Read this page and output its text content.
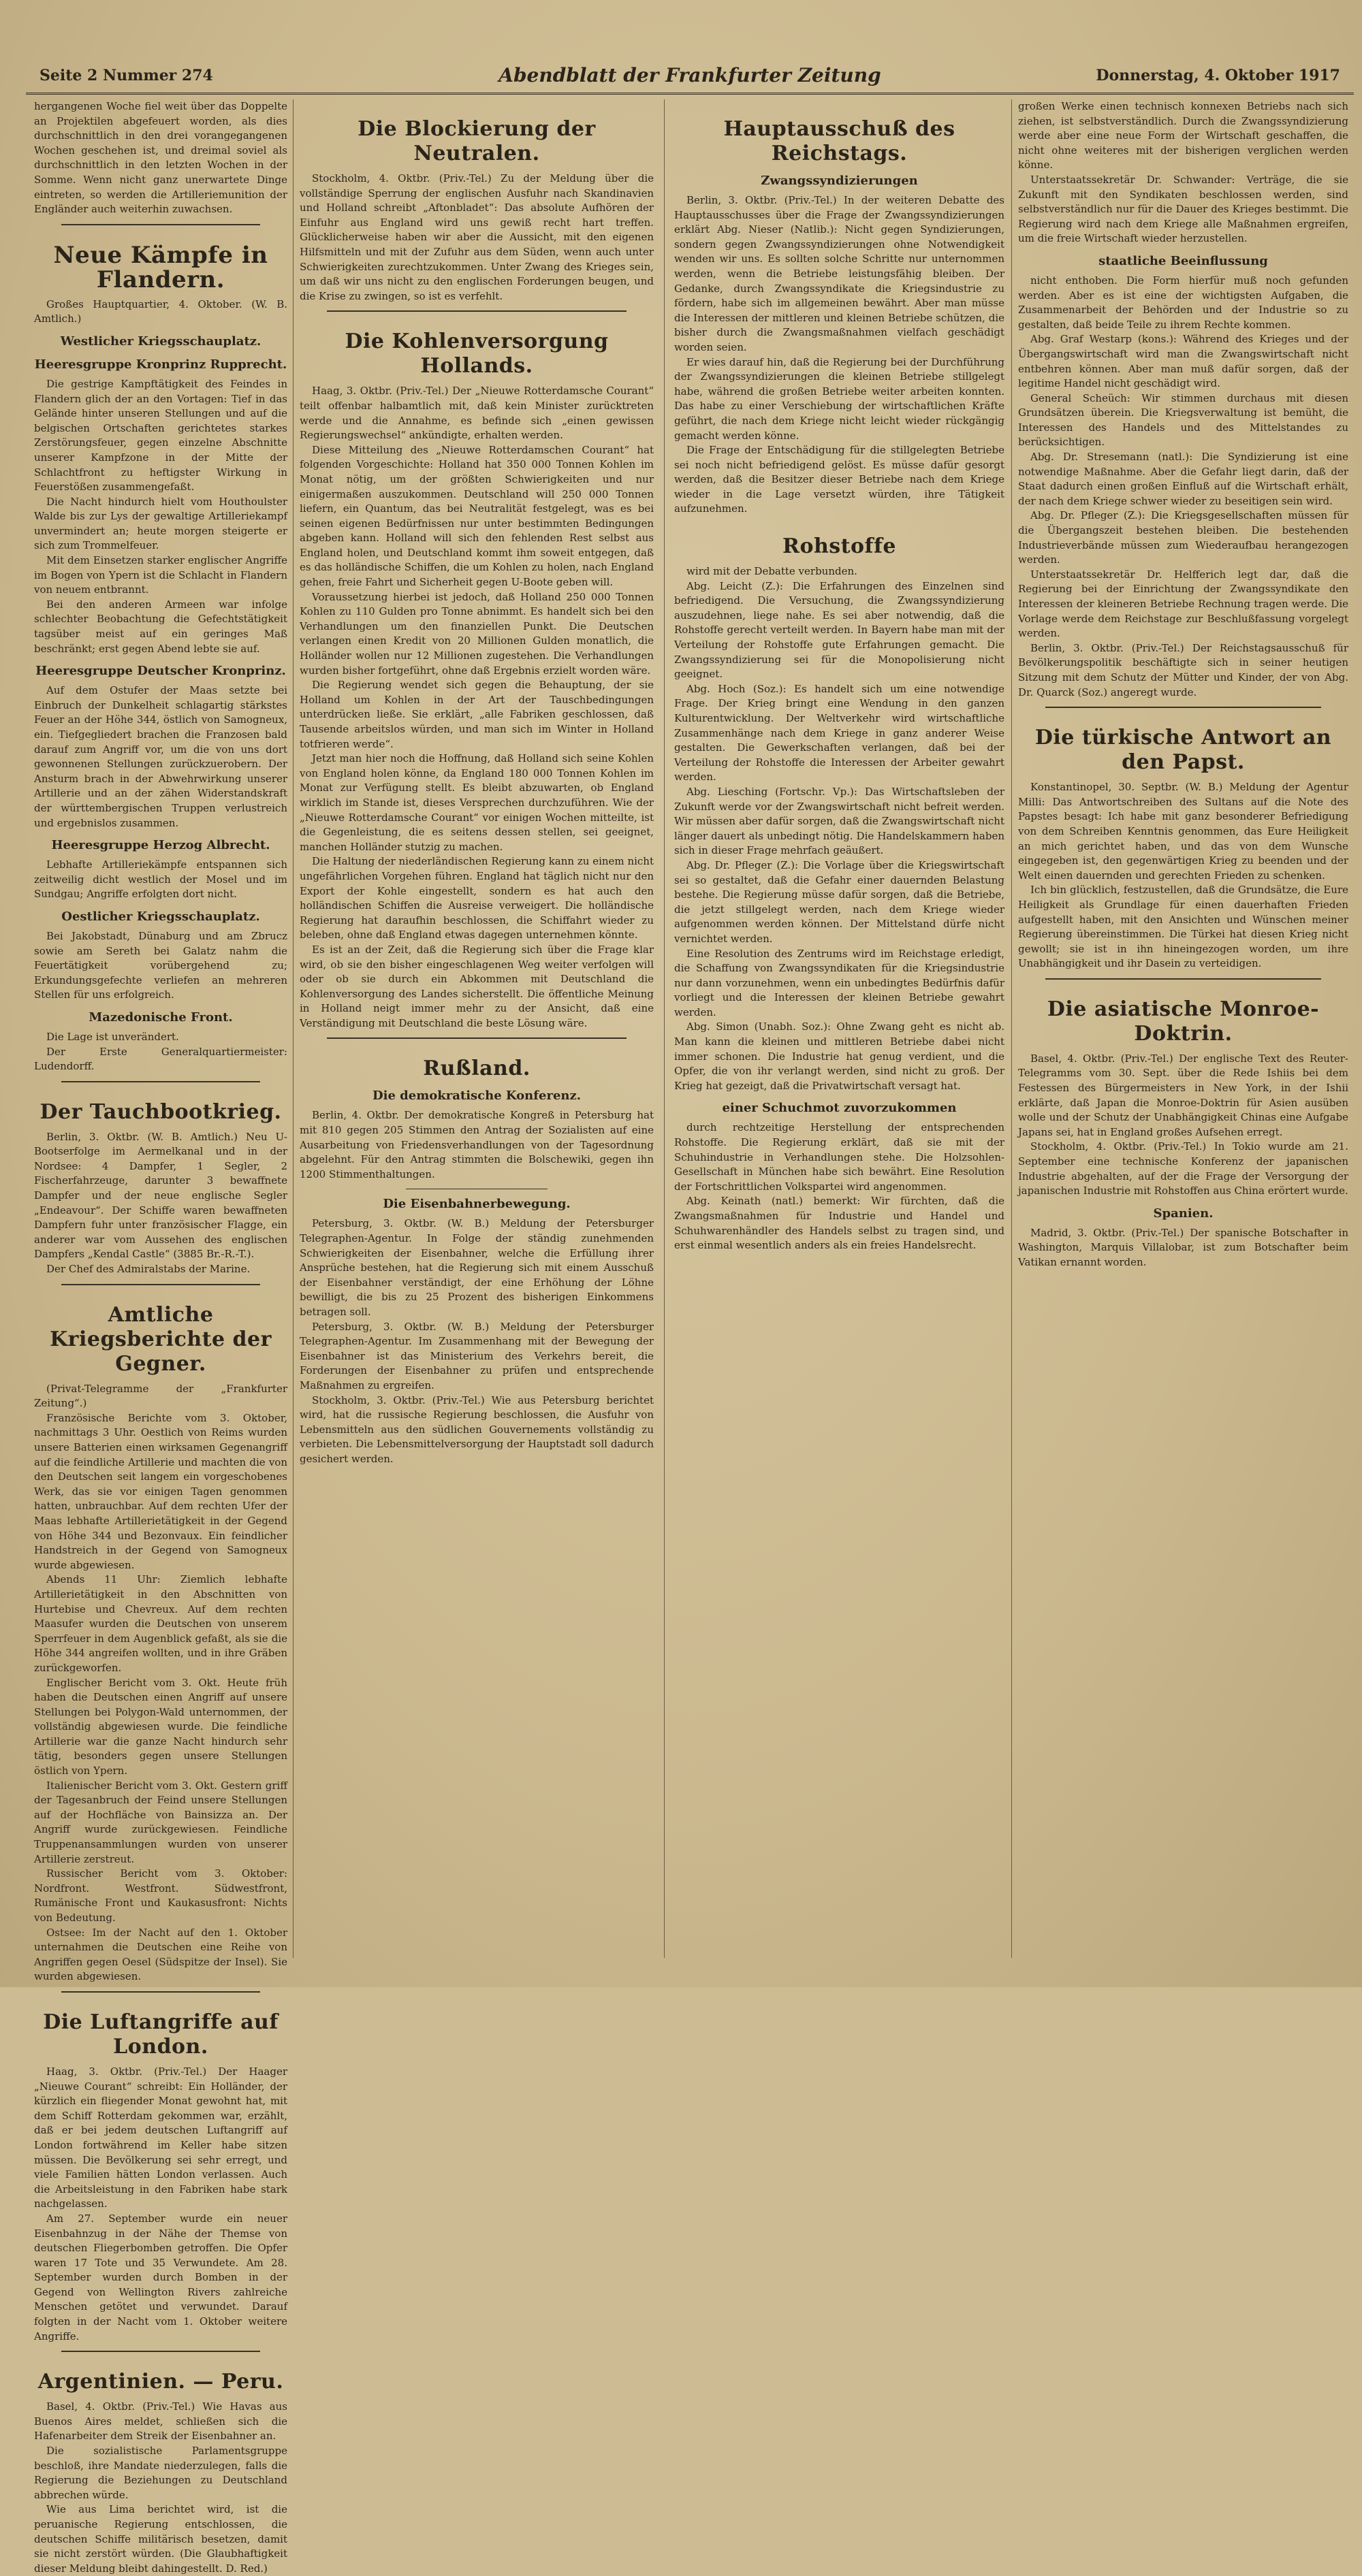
Seite 2 Nummer 274	Abendblatt der Frankfurter Zeitung	Donnerstag, 4. Oktober 1917

hergangenen Woche fiel weit über das Doppelte an Projektilen abgefeuert worden, als dies durchschnittlich in den drei vorangegangenen Wochen geschehen ist, und dreimal soviel als durchschnittlich in den letzten Wochen in der Somme. Wenn nicht ganz unerwartete Dinge eintreten, so werden die Artilleriemunition der Engländer auch weiterhin zuwachsen.

Neue Kämpfe in Flandern.

Großes Hauptquartier, 4. Oktober. (W. B. Amtlich.)

Westlicher Kriegsschauplatz.
Heeresgruppe Kronprinz Rupprecht.

Die gestrige Kampftätigkeit des Feindes in Flandern glich der an den Vortagen: Tief in das Gelände hinter unseren Stellungen und auf die belgischen Ortschaften gerichtetes starkes Zerstörungsfeuer, gegen einzelne Abschnitte unserer Kampfzone in der Mitte der Schlachtfront zu heftigster Wirkung in Feuerstößen zusammengefaßt.

Die Nacht hindurch hielt vom Houthoulster Walde bis zur Lys der gewaltige Artilleriekampf unvermindert an; heute morgen steigerte er sich zum Trommelfeuer.

Mit dem Einsetzen starker englischer Angriffe im Bogen von Ypern ist die Schlacht in Flandern von neuem entbrannt.

Bei den anderen Armeen war infolge schlechter Beobachtung die Gefechtstätigkeit tagsüber meist auf ein geringes Maß beschränkt; erst gegen Abend lebte sie auf.

Heeresgruppe Deutscher Kronprinz.

Auf dem Ostufer der Maas setzte bei Einbruch der Dunkelheit schlagartig stärkstes Feuer an der Höhe 344, östlich von Samogneux, ein. Tiefgegliedert brachen die Franzosen bald darauf zum Angriff vor, um die von uns dort gewonnenen Stellungen zurückzuerobern. Der Ansturm brach in der Abwehrwirkung unserer Artillerie und an der zähen Widerstandskraft der württembergischen Truppen verlustreich und ergebnislos zusammen.

Heeresgruppe Herzog Albrecht.

Lebhafte Artilleriekämpfe entspannen sich zeitweilig dicht westlich der Mosel und im Sundgau; Angriffe erfolgten dort nicht.

Oestlicher Kriegsschauplatz.

Bei Jakobstadt, Dünaburg und am Zbrucz sowie am Sereth bei Galatz nahm die Feuertätigkeit vorübergehend zu; Erkundungsgefechte verliefen an mehreren Stellen für uns erfolgreich.

Mazedonische Front.

Die Lage ist unverändert.

Der Erste Generalquartiermeister: Ludendorff.

Der Tauchbootkrieg.

Berlin, 3. Oktbr. (W. B. Amtlich.) Neu U-Bootserfolge im Aermelkanal und in der Nordsee: 4 Dampfer, 1 Segler, 2 Fischerfahrzeuge, darunter 3 bewaffnete Dampfer und der neue englische Segler „Endeavour“. Der Schiffe waren bewaffneten Dampfern fuhr unter französischer Flagge, ein anderer war vom Aussehen des englischen Dampfers „Kendal Castle“ (3885 Br.-R.-T.).

Der Chef des Admiralstabs der Marine.

Amtliche Kriegsberichte der Gegner.

(Privat-Telegramme der „Frankfurter Zeitung“.)

Französische Berichte vom 3. Oktober, nachmittags 3 Uhr. Oestlich von Reims wurden unsere Batterien einen wirksamen Gegenangriff auf die feindliche Artillerie und machten die von den Deutschen seit langem ein vorgeschobenes Werk, das sie vor einigen Tagen genommen hatten, unbrauchbar. Auf dem rechten Ufer der Maas lebhafte Artillerietätigkeit in der Gegend von Höhe 344 und Bezonvaux. Ein feindlicher Handstreich in der Gegend von Samogneux wurde abgewiesen.

Abends 11 Uhr: Ziemlich lebhafte Artillerietätigkeit in den Abschnitten von Hurtebise und Chevreux. Auf dem rechten Maasufer wurden die Deutschen von unserem Sperrfeuer in dem Augenblick gefaßt, als sie die Höhe 344 angreifen wollten, und in ihre Gräben zurückgeworfen.

Englischer Bericht vom 3. Okt. Heute früh haben die Deutschen einen Angriff auf unsere Stellungen bei Polygon-Wald unternommen, der vollständig abgewiesen wurde. Die feindliche Artillerie war die ganze Nacht hindurch sehr tätig, besonders gegen unsere Stellungen östlich von Ypern.

Italienischer Bericht vom 3. Okt. Gestern griff der Tagesanbruch der Feind unsere Stellungen auf der Hochfläche von Bainsizza an. Der Angriff wurde zurückgewiesen. Feindliche Truppenansammlungen wurden von unserer Artillerie zerstreut.

Russischer Bericht vom 3. Oktober: Nordfront. Westfront. Südwestfront, Rumänische Front und Kaukasusfront: Nichts von Bedeutung.

Ostsee: Im der Nacht auf den 1. Oktober unternahmen die Deutschen eine Reihe von Angriffen gegen Oesel (Südspitze der Insel). Sie wurden abgewiesen.

Die Luftangriffe auf London.

Haag, 3. Oktbr. (Priv.-Tel.) Der Haager „Nieuwe Courant“ schreibt: Ein Holländer, der kürzlich ein fliegender Monat gewohnt hat, mit dem Schiff Rotterdam gekommen war, erzählt, daß er bei jedem deutschen Luftangriff auf London fortwährend im Keller habe sitzen müssen. Die Bevölkerung sei sehr erregt, und viele Familien hätten London verlassen. Auch die Arbeitsleistung in den Fabriken habe stark nachgelassen.

Am 27. September wurde ein neuer Eisenbahnzug in der Nähe der Themse von deutschen Fliegerbomben getroffen. Die Opfer waren 17 Tote und 35 Verwundete. Am 28. September wurden durch Bomben in der Gegend von Wellington Rivers zahlreiche Menschen getötet und verwundet. Darauf folgten in der Nacht vom 1. Oktober weitere Angriffe.

Argentinien. — Peru.

Basel, 4. Oktbr. (Priv.-Tel.) Wie Havas aus Buenos Aires meldet, schließen sich die Hafenarbeiter dem Streik der Eisenbahner an.

Die sozialistische Parlamentsgruppe beschloß, ihre Mandate niederzulegen, falls die Regierung die Beziehungen zu Deutschland abbrechen würde.

Wie aus Lima berichtet wird, ist die peruanische Regierung entschlossen, die deutschen Schiffe militärisch besetzen, damit sie nicht zerstört würden. (Die Glaubhaftigkeit dieser Meldung bleibt dahingestellt. D. Red.)

Die Blockierung der Neutralen.

Stockholm, 4. Oktbr. (Priv.-Tel.) Zu der Meldung über die vollständige Sperrung der englischen Ausfuhr nach Skandinavien und Holland schreibt „Aftonbladet“: Das absolute Aufhören der Einfuhr aus England wird uns gewiß recht hart treffen. Glücklicherweise haben wir aber die Aussicht, mit den eigenen Hilfsmitteln und mit der Zufuhr aus dem Süden, wenn auch unter Schwierigkeiten zurechtzukommen. Unter Zwang des Krieges sein, um daß wir uns nicht zu den englischen Forderungen beugen, und die Krise zu zwingen, so ist es verfehlt.

Die Kohlenversorgung Hollands.

Haag, 3. Oktbr. (Priv.-Tel.) Der „Nieuwe Rotterdamsche Courant“ teilt offenbar halbamtlich mit, daß kein Minister zurücktreten werde und die Annahme, es befinde sich „einen gewissen Regierungswechsel“ ankündigte, erhalten werden.

Diese Mitteilung des „Nieuwe Rotterdamschen Courant“ hat folgenden Vorgeschichte: Holland hat 350 000 Tonnen Kohlen im Monat nötig, um der größten Schwierigkeiten und nur einigermaßen auszukommen. Deutschland will 250 000 Tonnen liefern, ein Quantum, das bei Neutralität festgelegt, was es bei seinen eigenen Bedürfnissen nur unter bestimmten Bedingungen abgeben kann. Holland will sich den fehlenden Rest selbst aus England holen, und Deutschland kommt ihm soweit entgegen, daß es das holländische Schiffen, die um Kohlen zu holen, nach England gehen, freie Fahrt und Sicherheit gegen U-Boote geben will.

Voraussetzung hierbei ist jedoch, daß Holland 250 000 Tonnen Kohlen zu 110 Gulden pro Tonne abnimmt. Es handelt sich bei den Verhandlungen um den finanziellen Punkt. Die Deutschen verlangen einen Kredit von 20 Millionen Gulden monatlich, die Holländer wollen nur 12 Millionen zugestehen. Die Verhandlungen wurden bisher fortgeführt, ohne daß Ergebnis erzielt worden wäre.

Die Regierung wendet sich gegen die Behauptung, der sie Holland um Kohlen in der Art der Tauschbedingungen unterdrücken ließe. Sie erklärt, „alle Fabriken geschlossen, daß Tausende arbeitslos würden, und man sich im Winter in Holland totfrieren werde“.

Jetzt man hier noch die Hoffnung, daß Holland sich seine Kohlen von England holen könne, da England 180 000 Tonnen Kohlen im Monat zur Verfügung stellt. Es bleibt abzuwarten, ob England wirklich im Stande ist, dieses Versprechen durchzuführen. Wie der „Nieuwe Rotterdamsche Courant“ vor einigen Wochen mitteilte, ist die Gegenleistung, die es seitens dessen stellen, sei geeignet, manchen Holländer stutzig zu machen.

Die Haltung der niederländischen Regierung kann zu einem nicht ungefährlichen Vorgehen führen. England hat täglich nicht nur den Export der Kohle eingestellt, sondern es hat auch den holländischen Schiffen die Ausreise verweigert. Die holländische Regierung hat daraufhin beschlossen, die Schiffahrt wieder zu beleben, ohne daß England etwas dagegen unternehmen könnte.

Es ist an der Zeit, daß die Regierung sich über die Frage klar wird, ob sie den bisher eingeschlagenen Weg weiter verfolgen will oder ob sie durch ein Abkommen mit Deutschland die Kohlenversorgung des Landes sicherstellt. Die öffentliche Meinung in Holland neigt immer mehr zu der Ansicht, daß eine Verständigung mit Deutschland die beste Lösung wäre.

Rußland.
Die demokratische Konferenz.

Berlin, 4. Oktbr. Der demokratische Kongreß in Petersburg hat mit 810 gegen 205 Stimmen den Antrag der Sozialisten auf eine Ausarbeitung von Friedensverhandlungen von der Tagesordnung abgelehnt. Für den Antrag stimmten die Bolschewiki, gegen ihn 1200 Stimmenthaltungen.

Die Eisenbahnerbewegung.

Petersburg, 3. Oktbr. (W. B.) Meldung der Petersburger Telegraphen-Agentur. In Folge der ständig zunehmenden Schwierigkeiten der Eisenbahner, welche die Erfüllung ihrer Ansprüche bestehen, hat die Regierung sich mit einem Ausschuß der Eisenbahner verständigt, der eine Erhöhung der Löhne bewilligt, die bis zu 25 Prozent des bisherigen Einkommens betragen soll.

Petersburg, 3. Oktbr. (W. B.) Meldung der Petersburger Telegraphen-Agentur. Im Zusammenhang mit der Bewegung der Eisenbahner ist das Ministerium des Verkehrs bereit, die Forderungen der Eisenbahner zu prüfen und entsprechende Maßnahmen zu ergreifen.

Stockholm, 3. Oktbr. (Priv.-Tel.) Wie aus Petersburg berichtet wird, hat die russische Regierung beschlossen, die Ausfuhr von Lebensmitteln aus den südlichen Gouvernements vollständig zu verbieten. Die Lebensmittelversorgung der Hauptstadt soll dadurch gesichert werden.

Hauptausschuß des Reichstags.
Zwangssyndizierungen

Berlin, 3. Oktbr. (Priv.-Tel.) In der weiteren Debatte des Hauptausschusses über die Frage der Zwangssyndizierungen erklärt Abg. Nieser (Natlib.): Nicht gegen Syndizierungen, sondern gegen Zwangssyndizierungen ohne Notwendigkeit wenden wir uns. Es sollten solche Schritte nur unternommen werden, wenn die Betriebe leistungsfähig bleiben. Der Gedanke, durch Zwangssyndikate die Kriegsindustrie zu fördern, habe sich im allgemeinen bewährt. Aber man müsse die Interessen der mittleren und kleinen Betriebe schützen, die bisher durch die Zwangsmaßnahmen vielfach geschädigt worden seien.

Er wies darauf hin, daß die Regierung bei der Durchführung der Zwangssyndizierungen die kleinen Betriebe stillgelegt habe, während die großen Betriebe weiter arbeiten konnten. Das habe zu einer Verschiebung der wirtschaftlichen Kräfte geführt, die nach dem Kriege nicht leicht wieder rückgängig gemacht werden könne.

Die Frage der Entschädigung für die stillgelegten Betriebe sei noch nicht befriedigend gelöst. Es müsse dafür gesorgt werden, daß die Besitzer dieser Betriebe nach dem Kriege wieder in die Lage versetzt würden, ihre Tätigkeit aufzunehmen.

Rohstoffe

wird mit der Debatte verbunden.

Abg. Leicht (Z.): Die Erfahrungen des Einzelnen sind befriedigend. Die Versuchung, die Zwangssyndizierung auszudehnen, liege nahe. Es sei aber notwendig, daß die Rohstoffe gerecht verteilt werden. In Bayern habe man mit der Verteilung der Rohstoffe gute Erfahrungen gemacht. Die Zwangssyndizierung sei für die Monopolisierung nicht geeignet.

Abg. Hoch (Soz.): Es handelt sich um eine notwendige Frage. Der Krieg bringt eine Wendung in den ganzen Kulturentwicklung. Der Weltverkehr wird wirtschaftliche Zusammenhänge nach dem Kriege in ganz anderer Weise gestalten. Die Gewerkschaften verlangen, daß bei der Verteilung der Rohstoffe die Interessen der Arbeiter gewahrt werden.

Abg. Liesching (Fortschr. Vp.): Das Wirtschaftsleben der Zukunft werde vor der Zwangswirtschaft nicht befreit werden. Wir müssen aber dafür sorgen, daß die Zwangswirtschaft nicht länger dauert als unbedingt nötig. Die Handelskammern haben sich in dieser Frage mehrfach geäußert.

Abg. Dr. Pfleger (Z.): Die Vorlage über die Kriegswirtschaft sei so gestaltet, daß die Gefahr einer dauernden Belastung bestehe. Die Regierung müsse dafür sorgen, daß die Betriebe, die jetzt stillgelegt werden, nach dem Kriege wieder aufgenommen werden können. Der Mittelstand dürfe nicht vernichtet werden.

Eine Resolution des Zentrums wird im Reichstage erledigt, die Schaffung von Zwangssyndikaten für die Kriegsindustrie nur dann vorzunehmen, wenn ein unbedingtes Bedürfnis dafür vorliegt und die Interessen der kleinen Betriebe gewahrt werden.

Abg. Simon (Unabh. Soz.): Ohne Zwang geht es nicht ab. Man kann die kleinen und mittleren Betriebe dabei nicht immer schonen. Die Industrie hat genug verdient, und die Opfer, die von ihr verlangt werden, sind nicht zu groß. Der Krieg hat gezeigt, daß die Privatwirtschaft versagt hat.

einer Schuchmot zuvorzukommen

durch rechtzeitige Herstellung der entsprechenden Rohstoffe. Die Regierung erklärt, daß sie mit der Schuhindustrie in Verhandlungen stehe. Die Holzsohlen-Gesellschaft in München habe sich bewährt. Eine Resolution der Fortschrittlichen Volkspartei wird angenommen.

Abg. Keinath (natl.) bemerkt: Wir fürchten, daß die Zwangsmaßnahmen für Industrie und Handel und Schuhwarenhändler des Handels selbst zu tragen sind, und erst einmal wesentlich anders als ein freies Handelsrecht.

großen Werke einen technisch konnexen Betriebs nach sich ziehen, ist selbstverständlich. Durch die Zwangssyndizierung werde aber eine neue Form der Wirtschaft geschaffen, die nicht ohne weiteres mit der bisherigen verglichen werden könne.

Unterstaatssekretär Dr. Schwander: Verträge, die sie Zukunft mit den Syndikaten beschlossen werden, sind selbstverständlich nur für die Dauer des Krieges bestimmt. Die Regierung wird nach dem Kriege alle Maßnahmen ergreifen, um die freie Wirtschaft wieder herzustellen.

staatliche Beeinflussung

nicht enthoben. Die Form hierfür muß noch gefunden werden. Aber es ist eine der wichtigsten Aufgaben, die Zusammenarbeit der Behörden und der Industrie so zu gestalten, daß beide Teile zu ihrem Rechte kommen.

Abg. Graf Westarp (kons.): Während des Krieges und der Übergangswirtschaft wird man die Zwangswirtschaft nicht entbehren können. Aber man muß dafür sorgen, daß der legitime Handel nicht geschädigt wird.

General Scheüch: Wir stimmen durchaus mit diesen Grundsätzen überein. Die Kriegsverwaltung ist bemüht, die Interessen des Handels und des Mittelstandes zu berücksichtigen.

Abg. Dr. Stresemann (natl.): Die Syndizierung ist eine notwendige Maßnahme. Aber die Gefahr liegt darin, daß der Staat dadurch einen großen Einfluß auf die Wirtschaft erhält, der nach dem Kriege schwer wieder zu beseitigen sein wird.

Abg. Dr. Pfleger (Z.): Die Kriegsgesellschaften müssen für die Übergangszeit bestehen bleiben. Die bestehenden Industrieverbände müssen zum Wiederaufbau herangezogen werden.

Unterstaatssekretär Dr. Helfferich legt dar, daß die Regierung bei der Einrichtung der Zwangssyndikate den Interessen der kleineren Betriebe Rechnung tragen werde. Die Vorlage werde dem Reichstage zur Beschlußfassung vorgelegt werden.

Berlin, 3. Oktbr. (Priv.-Tel.) Der Reichstagsausschuß für Bevölkerungspolitik beschäftigte sich in seiner heutigen Sitzung mit dem Schutz der Mütter und Kinder, der von Abg. Dr. Quarck (Soz.) angeregt wurde.

Die türkische Antwort an den Papst.

Konstantinopel, 30. Septbr. (W. B.) Meldung der Agentur Milli: Das Antwortschreiben des Sultans auf die Note des Papstes besagt: Ich habe mit ganz besonderer Befriedigung von dem Schreiben Kenntnis genommen, das Eure Heiligkeit an mich gerichtet haben, und das von dem Wunsche eingegeben ist, den gegenwärtigen Krieg zu beenden und der Welt einen dauernden und gerechten Frieden zu schenken.

Ich bin glücklich, festzustellen, daß die Grundsätze, die Eure Heiligkeit als Grundlage für einen dauerhaften Frieden aufgestellt haben, mit den Ansichten und Wünschen meiner Regierung übereinstimmen. Die Türkei hat diesen Krieg nicht gewollt; sie ist in ihn hineingezogen worden, um ihre Unabhängigkeit und ihr Dasein zu verteidigen.

Die asiatische Monroe-Doktrin.

Basel, 4. Oktbr. (Priv.-Tel.) Der englische Text des Reuter-Telegramms vom 30. Sept. über die Rede Ishiis bei dem Festessen des Bürgermeisters in New York, in der Ishii erklärte, daß Japan die Monroe-Doktrin für Asien ausüben wolle und der Schutz der Unabhängigkeit Chinas eine Aufgabe Japans sei, hat in England großes Aufsehen erregt.

Stockholm, 4. Oktbr. (Priv.-Tel.) In Tokio wurde am 21. September eine technische Konferenz der japanischen Industrie abgehalten, auf der die Frage der Versorgung der japanischen Industrie mit Rohstoffen aus China erörtert wurde.

Spanien.

Madrid, 3. Oktbr. (Priv.-Tel.) Der spanische Botschafter in Washington, Marquis Villalobar, ist zum Botschafter beim Vatikan ernannt worden.
